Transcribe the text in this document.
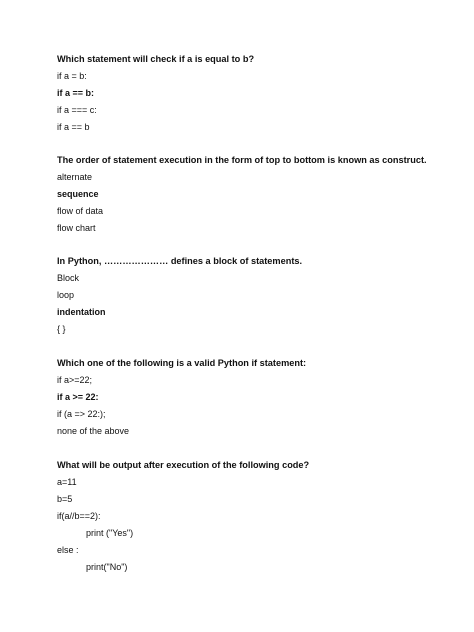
Which statement will check if a is equal to b?
if a = b:
if a == b:
if a === c:
if a == b
The order of statement execution in the form of top to bottom is known as construct.
alternate
sequence
flow of data
flow chart
In Python, ………………… defines a block of statements.
Block
loop
indentation
{ }
Which one of the following is a valid Python if statement:
if a>=22;
if a >= 22:
if (a => 22:);
none of the above
What will be output after execution of the following code?
a=11
b=5
if(a//b==2):
print ("Yes")
else :
print("No")
